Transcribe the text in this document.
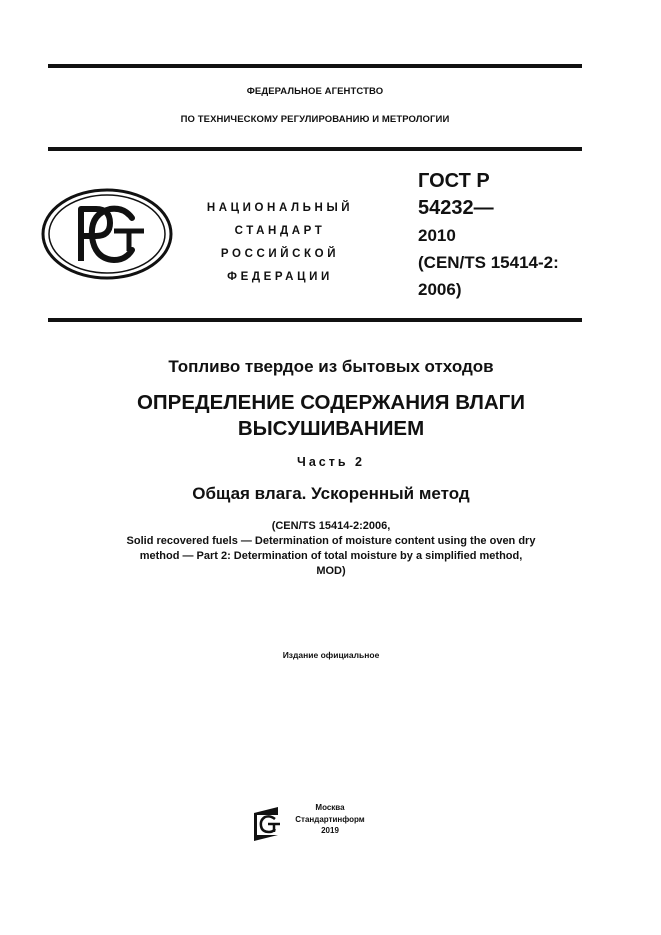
ФЕДЕРАЛЬНОЕ АГЕНТСТВО
ПО ТЕХНИЧЕСКОМУ РЕГУЛИРОВАНИЮ И МЕТРОЛОГИИ
НАЦИОНАЛЬНЫЙ
СТАНДАРТ
РОССИЙСКОЙ
ФЕДЕРАЦИИ
ГОСТ Р
54232—
2010
(CEN/TS 15414-2:
2006)
Топливо твердое из бытовых отходов
ОПРЕДЕЛЕНИЕ СОДЕРЖАНИЯ ВЛАГИ
ВЫСУШИВАНИЕМ
Часть 2
Общая влага. Ускоренный метод
(CEN/TS 15414-2:2006,
Solid recovered fuels — Determination of moisture content using the oven dry
method — Part 2: Determination of total moisture by a simplified method,
MOD)
Издание официальное
Москва
Стандартинформ
2019
